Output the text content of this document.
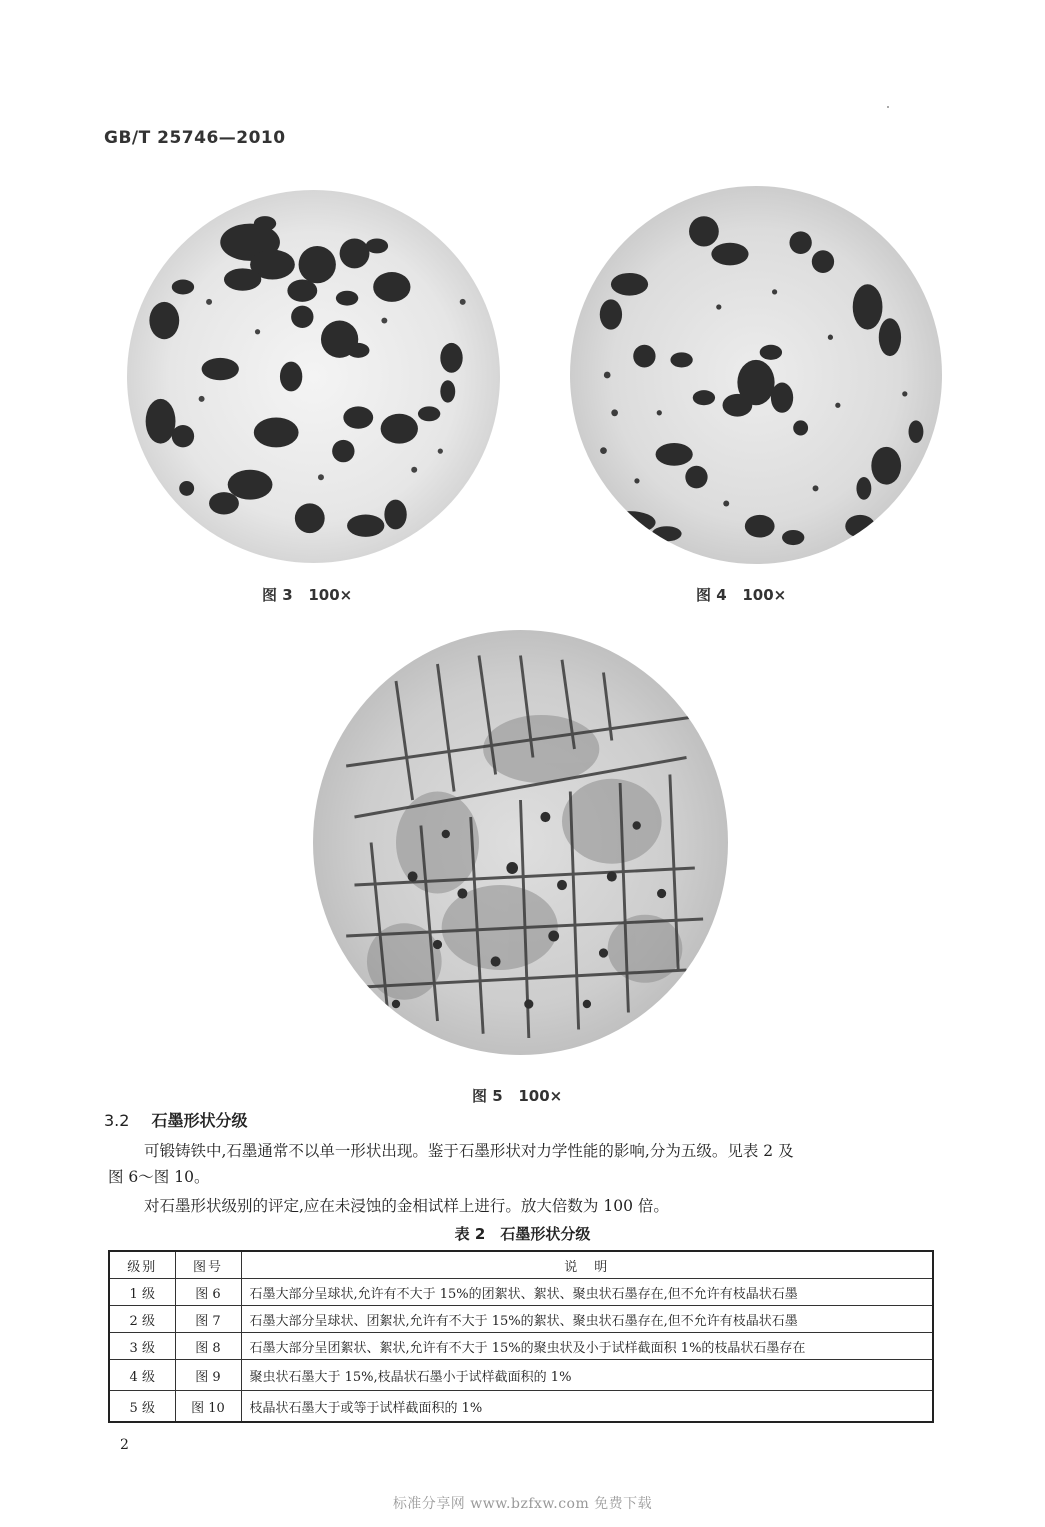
GB/T 25746—2010
图 3 100×	图 4 100×
图 5 100×
3.2 石墨形状分级
可锻铸铁中,石墨通常不以单一形状出现。鉴于石墨形状对力学性能的影响,分为五级。见表 2 及
图 6～图 10。
对石墨形状级别的评定,应在未浸蚀的金相试样上进行。放大倍数为 100 倍。
表 2　石墨形状分级
级别	图号	说　明
1 级	图 6	石墨大部分呈球状,允许有不大于 15%的团絮状、絮状、聚虫状石墨存在,但不允许有枝晶状石墨
2 级	图 7	石墨大部分呈球状、团絮状,允许有不大于 15%的絮状、聚虫状石墨存在,但不允许有枝晶状石墨
3 级	图 8	石墨大部分呈团絮状、絮状,允许有不大于 15%的聚虫状及小于试样截面积 1%的枝晶状石墨存在
4 级	图 9	聚虫状石墨大于 15%,枝晶状石墨小于试样截面积的 1%
5 级	图 10	枝晶状石墨大于或等于试样截面积的 1%
2
标准分享网 www.bzfxw.com 免费下载
